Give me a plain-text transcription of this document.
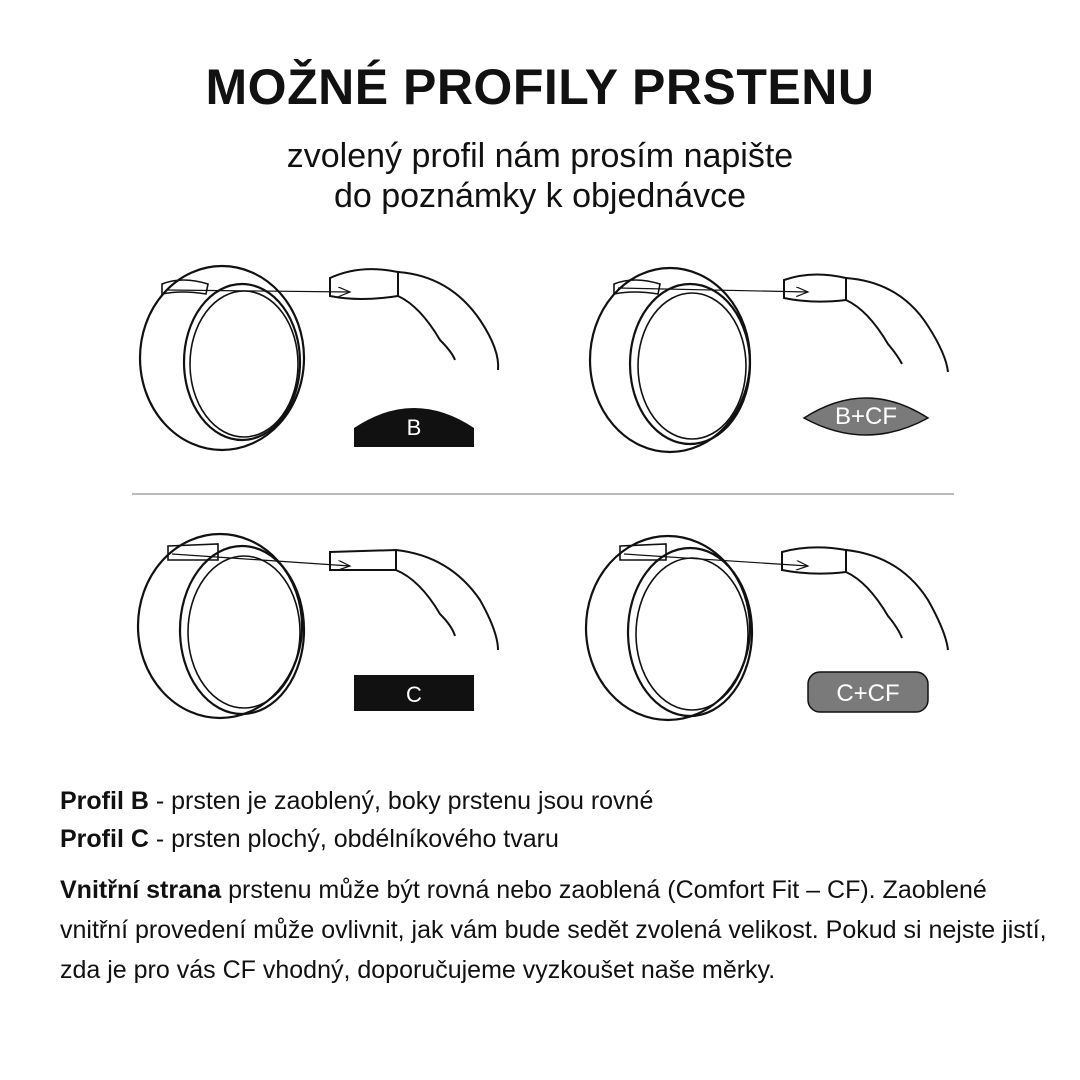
MOŽNÉ PROFILY PRSTENU
zvolený profil nám prosím napište
do poznámky k objednávce
B	B+CF
C	C+CF

Profil B - prsten je zaoblený, boky prstenu jsou rovné

Profil C - prsten plochý, obdélníkového tvaru

Vnitřní strana prstenu může být rovná nebo zaoblená (Comfort Fit – CF). Zaoblené vnitřní provedení může ovlivnit, jak vám bude sedět zvolená velikost. Pokud si nejste jistí, zda je pro vás CF vhodný, doporučujeme vyzkoušet naše měrky.
